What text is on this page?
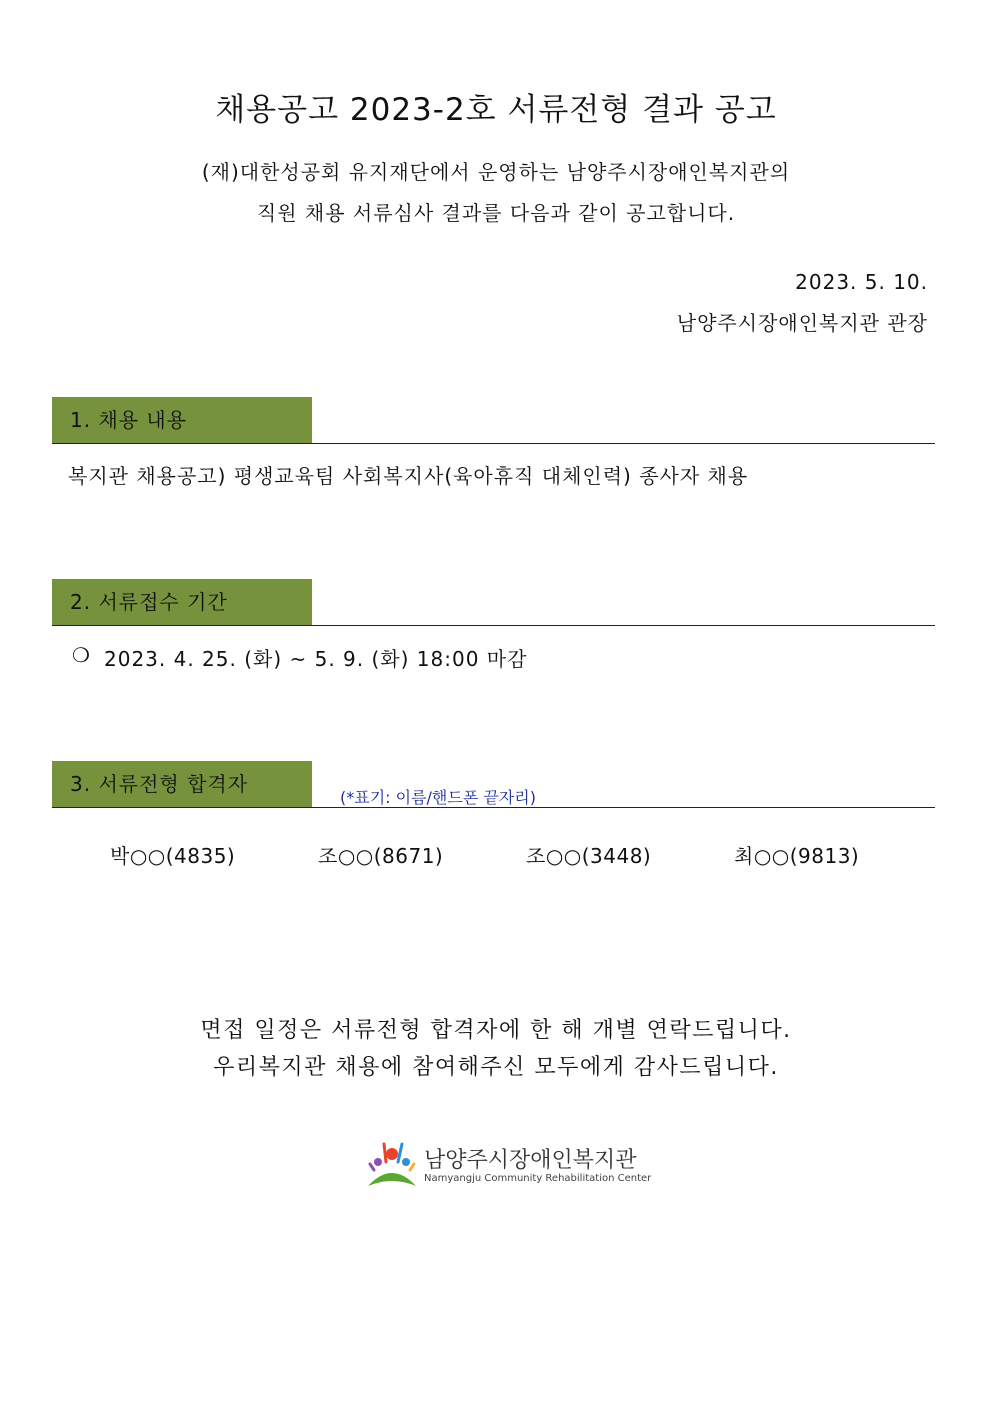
채용공고 2023-2호 서류전형 결과 공고
(재)대한성공회 유지재단에서 운영하는 남양주시장애인복지관의
직원 채용 서류심사 결과를 다음과 같이 공고합니다.
2023. 5. 10.
남양주시장애인복지관 관장
1. 채용 내용
복지관 채용공고) 평생교육팀 사회복지사(육아휴직 대체인력) 종사자 채용
2. 서류접수 기간
❍ 2023. 4. 25. (화) ~ 5. 9. (화) 18:00 마감
3. 서류전형 합격자
(*표기: 이름/핸드폰 끝자리)
박○○(4835)	조○○(8671)	조○○(3448)	최○○(9813)
면접 일정은 서류전형 합격자에 한 해 개별 연락드립니다.
우리복지관 채용에 참여해주신 모두에게 감사드립니다.
남양주시장애인복지관
Namyangju Community Rehabilitation Center
